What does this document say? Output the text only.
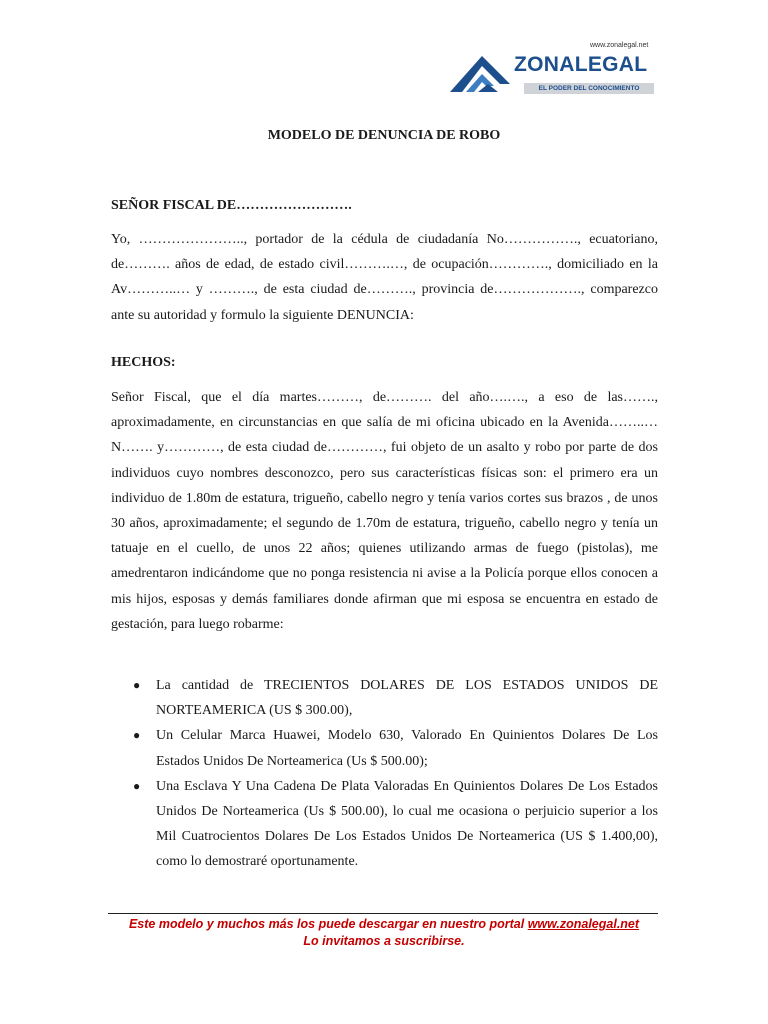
www.zonalegal.net
ZONALEGAL
EL PODER DEL CONOCIMIENTO
MODELO DE DENUNCIA DE ROBO
SEÑOR FISCAL DE…………………….
Yo, ………………….., portador de la cédula de ciudadanía No……………., ecuatoriano, de………. años de edad, de estado civil……….…, de ocupación…………., domiciliado en la Av………..… y ………., de esta ciudad de………., provincia de………………., comparezco ante su autoridad y formulo la siguiente DENUNCIA:
HECHOS:
Señor Fiscal, que el día martes………, de………. del año….…., a eso de las……., aproximadamente, en circunstancias en que salía de mi oficina ubicado en la Avenida……..… N……. y…………, de esta ciudad de…………, fui objeto de un asalto y robo por parte de dos individuos cuyo nombres desconozco, pero sus características físicas son: el primero era un individuo de 1.80m de estatura, trigueño, cabello negro y tenía varios cortes sus brazos , de unos 30 años, aproximadamente; el segundo de 1.70m de estatura, trigueño, cabello negro y tenía un tatuaje en el cuello, de unos 22 años; quienes utilizando armas de fuego (pistolas), me amedrentaron indicándome que no ponga resistencia ni avise a la Policía porque ellos conocen a mis hijos, esposas y demás familiares donde afirman que mi esposa se encuentra en estado de gestación, para luego robarme:
● La cantidad de TRECIENTOS DOLARES DE LOS ESTADOS UNIDOS DE NORTEAMERICA (US $ 300.00),
● Un Celular Marca Huawei, Modelo 630, Valorado En Quinientos Dolares De Los Estados Unidos De Norteamerica (Us $ 500.00);
● Una Esclava Y Una Cadena De Plata Valoradas En Quinientos Dolares De Los Estados Unidos De Norteamerica (Us $ 500.00), lo cual me ocasiona o perjuicio superior a los Mil Cuatrocientos Dolares De Los Estados Unidos De Norteamerica (US $ 1.400,00), como lo demostraré oportunamente.
Este modelo y muchos más los puede descargar en nuestro portal www.zonalegal.net
Lo invitamos a suscribirse.
